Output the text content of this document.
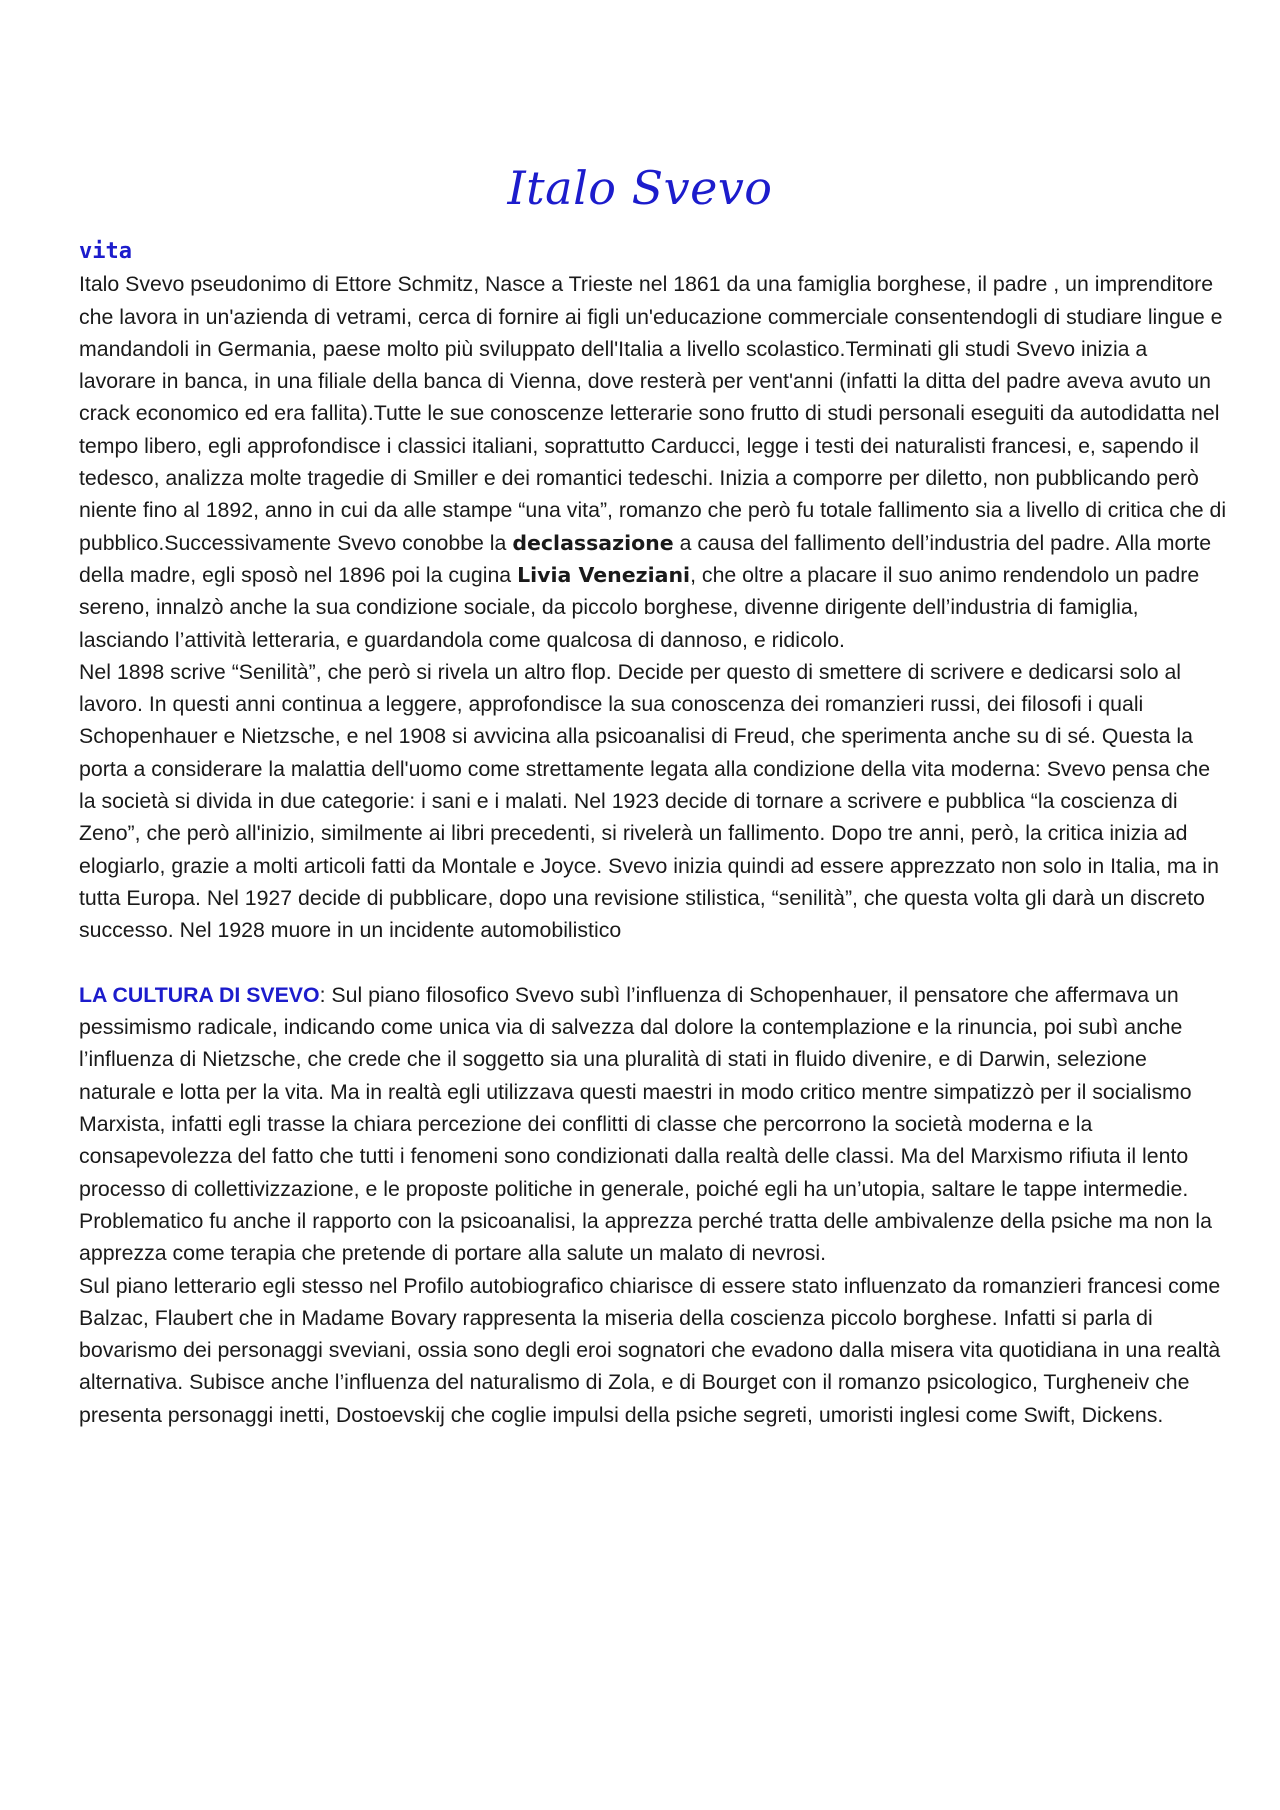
Italo Svevo
vita

Italo Svevo pseudonimo di Ettore Schmitz, Nasce a Trieste nel 1861 da una famiglia borghese, il padre , un imprenditore che lavora in un'azienda di vetrami, cerca di fornire ai figli un'educazione commerciale consentendogli di studiare lingue e mandandoli in Germania, paese molto più sviluppato dell'Italia a livello scolastico.Terminati gli studi Svevo inizia a lavorare in banca, in una filiale della banca di Vienna, dove resterà per vent'anni (infatti la ditta del padre aveva avuto un crack economico ed era fallita).Tutte le sue conoscenze letterarie sono frutto di studi personali eseguiti da autodidatta nel tempo libero, egli approfondisce i classici italiani, soprattutto Carducci, legge i testi dei naturalisti francesi, e, sapendo il tedesco, analizza molte tragedie di Smiller e dei romantici tedeschi. Inizia a comporre per diletto, non pubblicando però niente fino al 1892, anno in cui da alle stampe “una vita”, romanzo che però fu totale fallimento sia a livello di critica che di pubblico.Successivamente Svevo conobbe la declassazione a causa del fallimento dell’industria del padre. Alla morte della madre, egli sposò nel 1896 poi la cugina Livia Veneziani, che oltre a placare il suo animo rendendolo un padre sereno, innalzò anche la sua condizione sociale, da piccolo borghese, divenne dirigente dell’industria di famiglia, lasciando l’attività letteraria, e guardandola come qualcosa di dannoso, e ridicolo.

Nel 1898 scrive “Senilità”, che però si rivela un altro flop. Decide per questo di smettere di scrivere e dedicarsi solo al lavoro. In questi anni continua a leggere, approfondisce la sua conoscenza dei romanzieri russi, dei filosofi i quali Schopenhauer e Nietzsche, e nel 1908 si avvicina alla psicoanalisi di Freud, che sperimenta anche su di sé. Questa la porta a considerare la malattia dell'uomo come strettamente legata alla condizione della vita moderna: Svevo pensa che la società si divida in due categorie: i sani e i malati. Nel 1923 decide di tornare a scrivere e pubblica “la coscienza di Zeno”, che però all'inizio, similmente ai libri precedenti, si rivelerà un fallimento. Dopo tre anni, però, la critica inizia ad elogiarlo, grazie a molti articoli fatti da Montale e Joyce. Svevo inizia quindi ad essere apprezzato non solo in Italia, ma in tutta Europa. Nel 1927 decide di pubblicare, dopo una revisione stilistica, “senilità”, che questa volta gli darà un discreto successo. Nel 1928 muore in un incidente automobilistico

LA CULTURA DI SVEVO: Sul piano filosofico Svevo subì l’influenza di Schopenhauer, il pensatore che affermava un pessimismo radicale, indicando come unica via di salvezza dal dolore la contemplazione e la rinuncia, poi subì anche l’influenza di Nietzsche, che crede che il soggetto sia una pluralità di stati in fluido divenire, e di Darwin, selezione naturale e lotta per la vita. Ma in realtà egli utilizzava questi maestri in modo critico mentre simpatizzò per il socialismo Marxista, infatti egli trasse la chiara percezione dei conflitti di classe che percorrono la società moderna e la consapevolezza del fatto che tutti i fenomeni sono condizionati dalla realtà delle classi. Ma del Marxismo rifiuta il lento processo di collettivizzazione, e le proposte politiche in generale, poiché egli ha un’utopia, saltare le tappe intermedie. Problematico fu anche il rapporto con la psicoanalisi, la apprezza perché tratta delle ambivalenze della psiche ma non la apprezza come terapia che pretende di portare alla salute un malato di nevrosi.

Sul piano letterario egli stesso nel Profilo autobiografico chiarisce di essere stato influenzato da romanzieri francesi come Balzac, Flaubert che in Madame Bovary rappresenta la miseria della coscienza piccolo borghese. Infatti si parla di bovarismo dei personaggi sveviani, ossia sono degli eroi sognatori che evadono dalla misera vita quotidiana in una realtà alternativa. Subisce anche l’influenza del naturalismo di Zola, e di Bourget con il romanzo psicologico, Turgheneiv che presenta personaggi inetti, Dostoevskij che coglie impulsi della psiche segreti, umoristi inglesi come Swift, Dickens.
